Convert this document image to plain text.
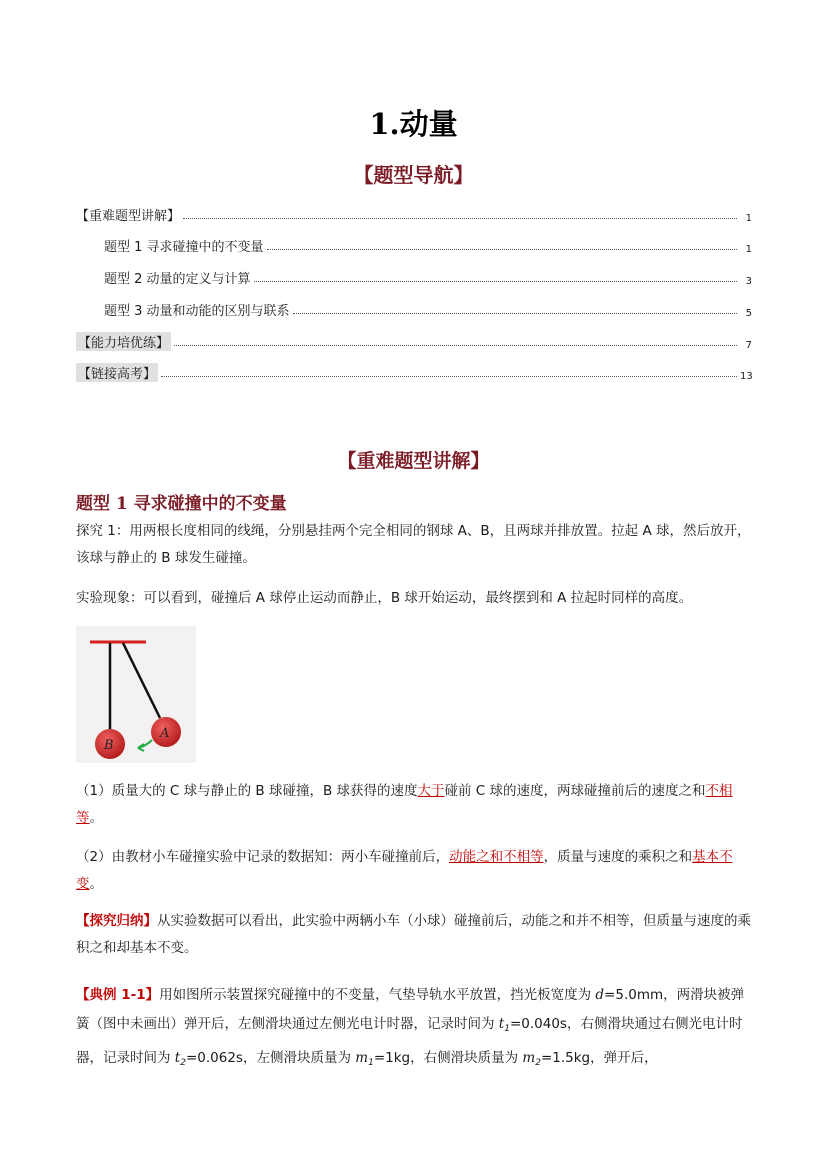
1.动量
【题型导航】
【重难题型讲解】	1
题型 1 寻求碰撞中的不变量	1
题型 2 动量的定义与计算	3
题型 3 动量和动能的区别与联系	5
【能力培优练】	7
【链接高考】	13
【重难题型讲解】
题型 1 寻求碰撞中的不变量
探究 1：用两根长度相同的线绳，分别悬挂两个完全相同的钢球 A、B，且两球并排放置。拉起 A 球，然后放开，该球与静止的 B 球发生碰撞。
实验现象：可以看到，碰撞后 A 球停止运动而静止，B 球开始运动，最终摆到和 A 拉起时同样的高度。
B
A
（1）质量大的 C 球与静止的 B 球碰撞，B 球获得的速度大于碰前 C 球的速度，两球碰撞前后的速度之和不相等。
（2）由教材小车碰撞实验中记录的数据知：两小车碰撞前后，动能之和不相等，质量与速度的乘积之和基本不变。
【探究归纳】从实验数据可以看出，此实验中两辆小车（小球）碰撞前后，动能之和并不相等，但质量与速度的乘积之和却基本不变。
【典例 1-1】用如图所示装置探究碰撞中的不变量，气垫导轨水平放置，挡光板宽度为 d=5.0mm，两滑块被弹簧（图中未画出）弹开后，左侧滑块通过左侧光电计时器，记录时间为 $t_1=0.040s$，右侧滑块通过右侧光电计时器，记录时间为 $t_2=0.062s$，左侧滑块质量为 $m_1=1kg$，右侧滑块质量为 $m_2=1.5kg$，弹开后，
